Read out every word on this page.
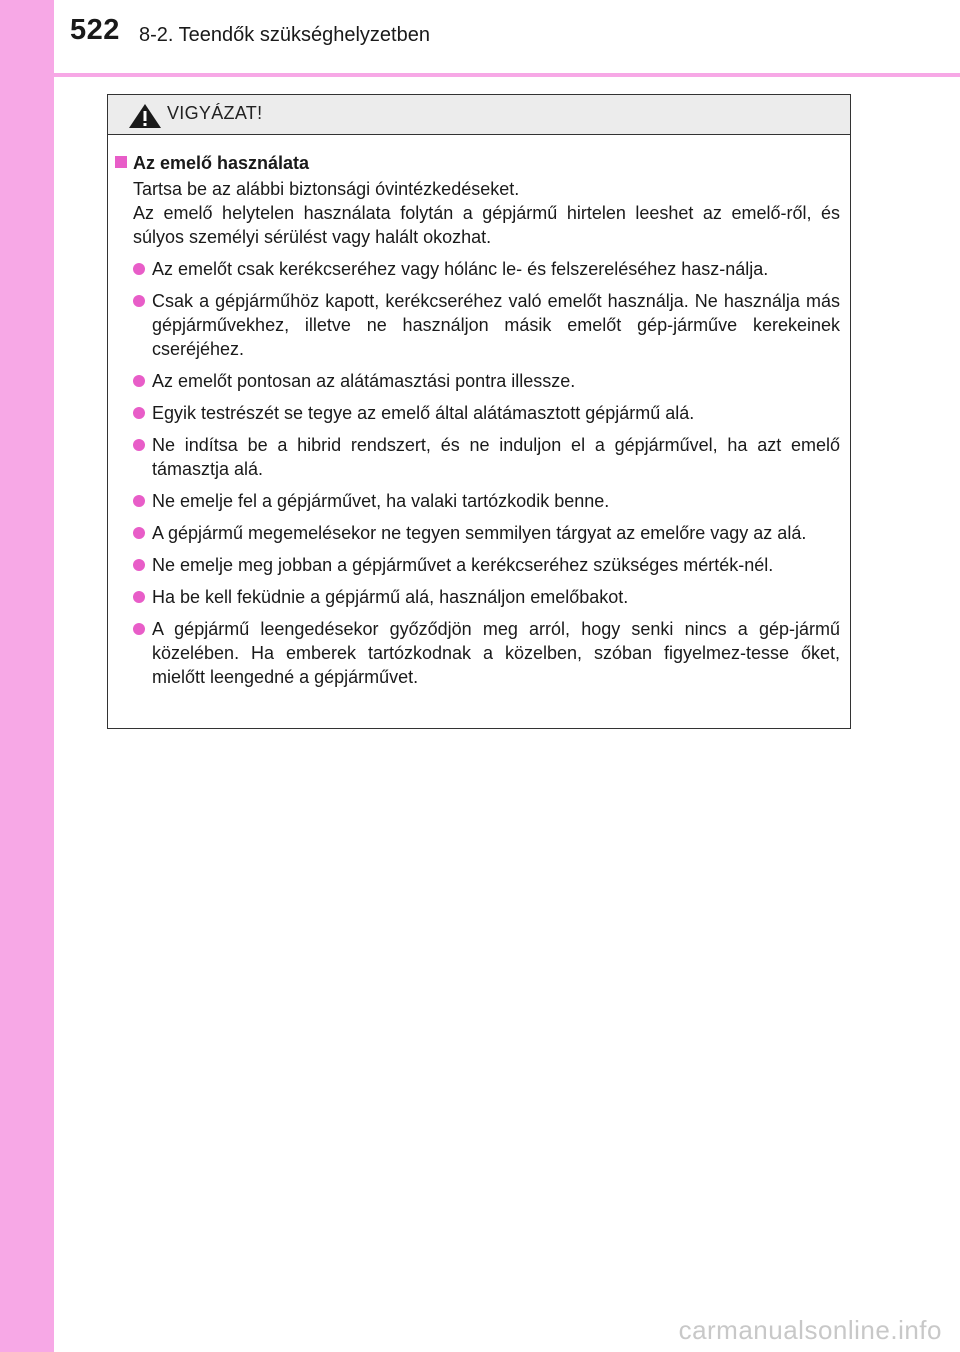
522 8-2. Teendők szükséghelyzetben
VIGYÁZAT!
Az emelő használata

Tartsa be az alábbi biztonsági óvintézkedéseket.

Az emelő helytelen használata folytán a gépjármű hirtelen leeshet az emelő-ről, és súlyos személyi sérülést vagy halált okozhat.

Az emelőt csak kerékcseréhez vagy hólánc le- és felszereléséhez hasz-nálja.
Csak a gépjárműhöz kapott, kerékcseréhez való emelőt használja. Ne használja más gépjárművekhez, illetve ne használjon másik emelőt gép-járműve kerekeinek cseréjéhez.
Az emelőt pontosan az alátámasztási pontra illessze.
Egyik testrészét se tegye az emelő által alátámasztott gépjármű alá.
Ne indítsa be a hibrid rendszert, és ne induljon el a gépjárművel, ha azt emelő támasztja alá.
Ne emelje fel a gépjárművet, ha valaki tartózkodik benne.
A gépjármű megemelésekor ne tegyen semmilyen tárgyat az emelőre vagy az alá.
Ne emelje meg jobban a gépjárművet a kerékcseréhez szükséges mérték-nél.
Ha be kell feküdnie a gépjármű alá, használjon emelőbakot.
A gépjármű leengedésekor győződjön meg arról, hogy senki nincs a gép-jármű közelében. Ha emberek tartózkodnak a közelben, szóban figyelmez-tesse őket, mielőtt leengedné a gépjárművet.
carmanualsonline.info
